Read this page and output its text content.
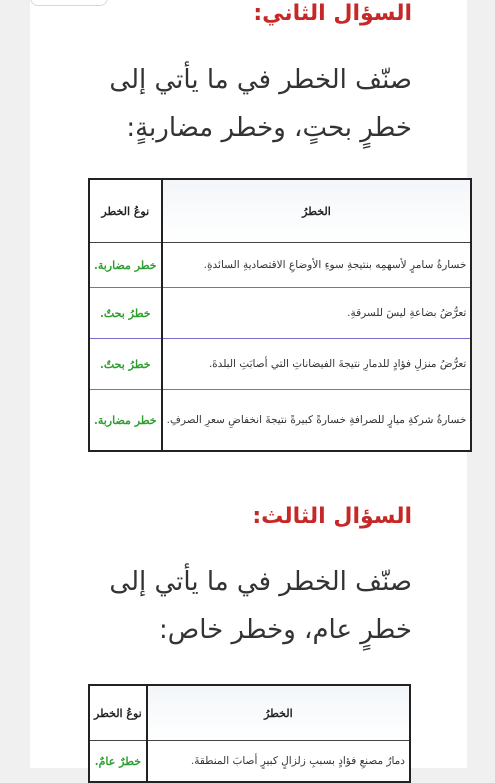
السؤال الثاني:

صنّف الخطر في ما يأتي إلى خطرٍ بحتٍ، وخطر مضاربةٍ:

الخطرُ	نوعُ الخطر
خسارةُ سامرٍ لأسهمِه بنتيجةِ سوءِ الأوضاعِ الاقتصاديةِ السائدةِ.	خطر مضاربة.
تعرُّضُ بضاعةِ ليسَ للسرقةِ.	خطرُ بحتٌ.
تعرُّضُ منزلِ فؤادٍ للدمارِ نتيجةَ الفيضاناتِ التي أصابَتِ البلدةَ.	خطرُ بحتٌ.
خسارةُ شركةِ ميارٍ للصرافةِ خسارةً كبيرةً نتيجةَ انخفاضِ سعرِ الصرفِ.	خطر مضاربة.
السؤال الثالث:

صنّف الخطر في ما يأتي إلى خطرٍ عام، وخطر خاص:

الخطرُ	نوعُ الخطر
دمارُ مصنعِ فؤادٍ بسببِ زلزالٍ كبيرٍ أصابَ المنطقةَ.	خطرٌ عامٌ.
